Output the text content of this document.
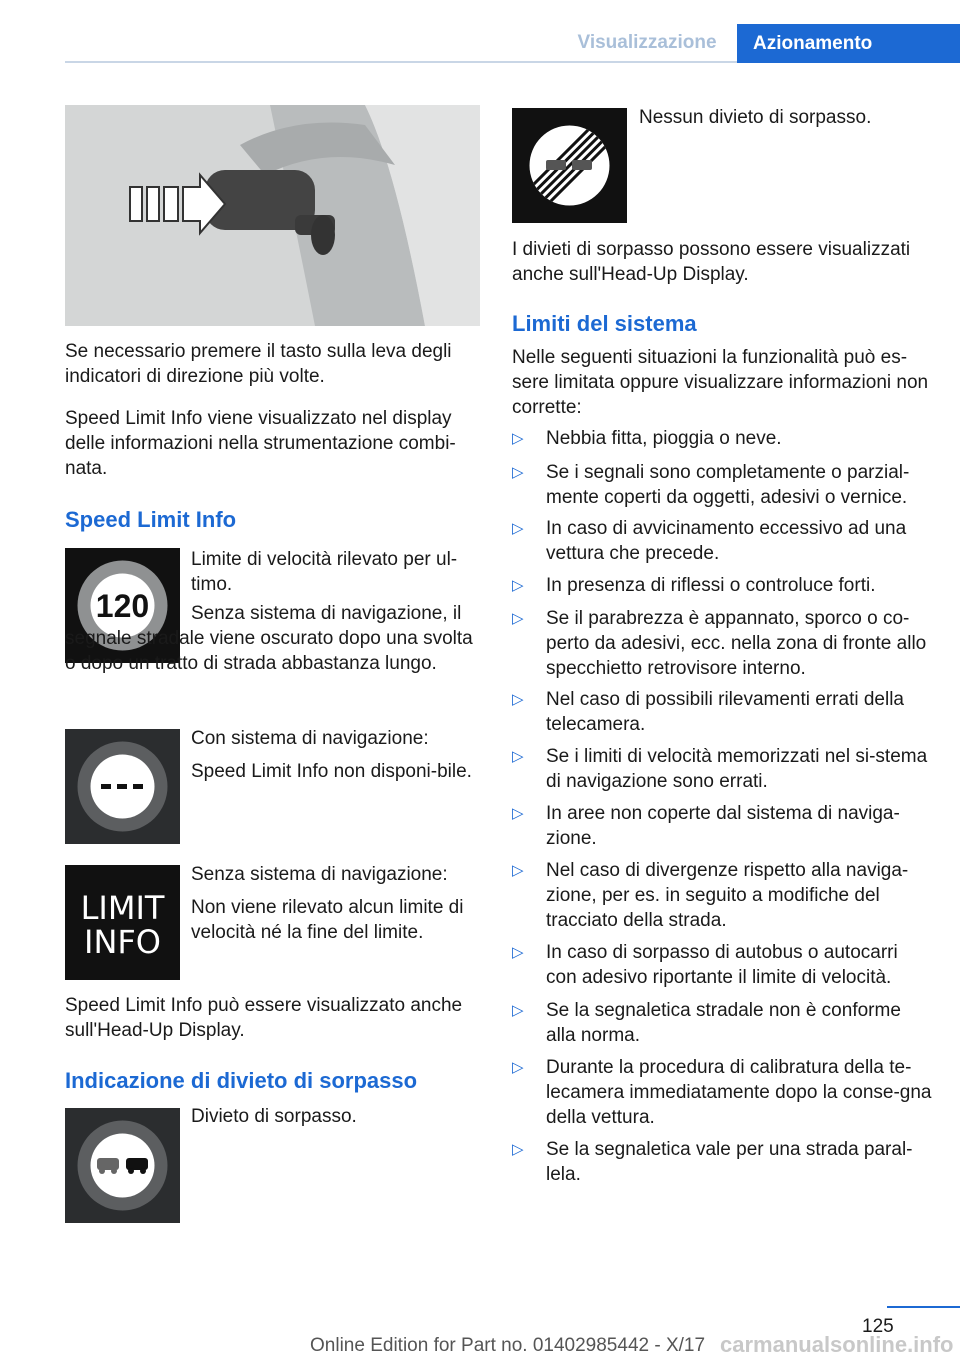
Visualizzazione	Azionamento
Se necessario premere il tasto sulla leva degli indicatori di direzione più volte.
Speed Limit Info viene visualizzato nel display delle informazioni nella strumentazione combi-nata.
Speed Limit Info
120
Limite di velocità rilevato per ul-timo.
Senza sistema di navigazione, il segnale stradale viene oscurato dopo una svolta o dopo un tratto di strada abbastanza lungo.
Con sistema di navigazione:
Speed Limit Info non disponi-bile.
LIMIT
INFO
Senza sistema di navigazione:
Non viene rilevato alcun limite di velocità né la fine del limite.
Speed Limit Info può essere visualizzato anche sull'Head-Up Display.
Indicazione di divieto di sorpasso
Divieto di sorpasso.
Nessun divieto di sorpasso.
I divieti di sorpasso possono essere visualizzati anche sull'Head-Up Display.
Limiti del sistema
Nelle seguenti situazioni la funzionalità può es-sere limitata oppure visualizzare informazioni non corrette:
▷ Nebbia fitta, pioggia o neve.
▷ Se i segnali sono completamente o parzial-mente coperti da oggetti, adesivi o vernice.
▷ In caso di avvicinamento eccessivo ad una vettura che precede.
▷ In presenza di riflessi o controluce forti.
▷ Se il parabrezza è appannato, sporco o co-perto da adesivi, ecc. nella zona di fronte allo specchietto retrovisore interno.
▷ Nel caso di possibili rilevamenti errati della telecamera.
▷ Se i limiti di velocità memorizzati nel si-stema di navigazione sono errati.
▷ In aree non coperte dal sistema di naviga-zione.
▷ Nel caso di divergenze rispetto alla naviga-zione, per es. in seguito a modifiche del tracciato della strada.
▷ In caso di sorpasso di autobus o autocarri con adesivo riportante il limite di velocità.
▷ Se la segnaletica stradale non è conforme alla norma.
▷ Durante la procedura di calibratura della te-lecamera immediatamente dopo la conse-gna della vettura.
▷ Se la segnaletica vale per una strada paral-lela.
125
Online Edition for Part no. 01402985442 - X/17 carmanualsonline.info
